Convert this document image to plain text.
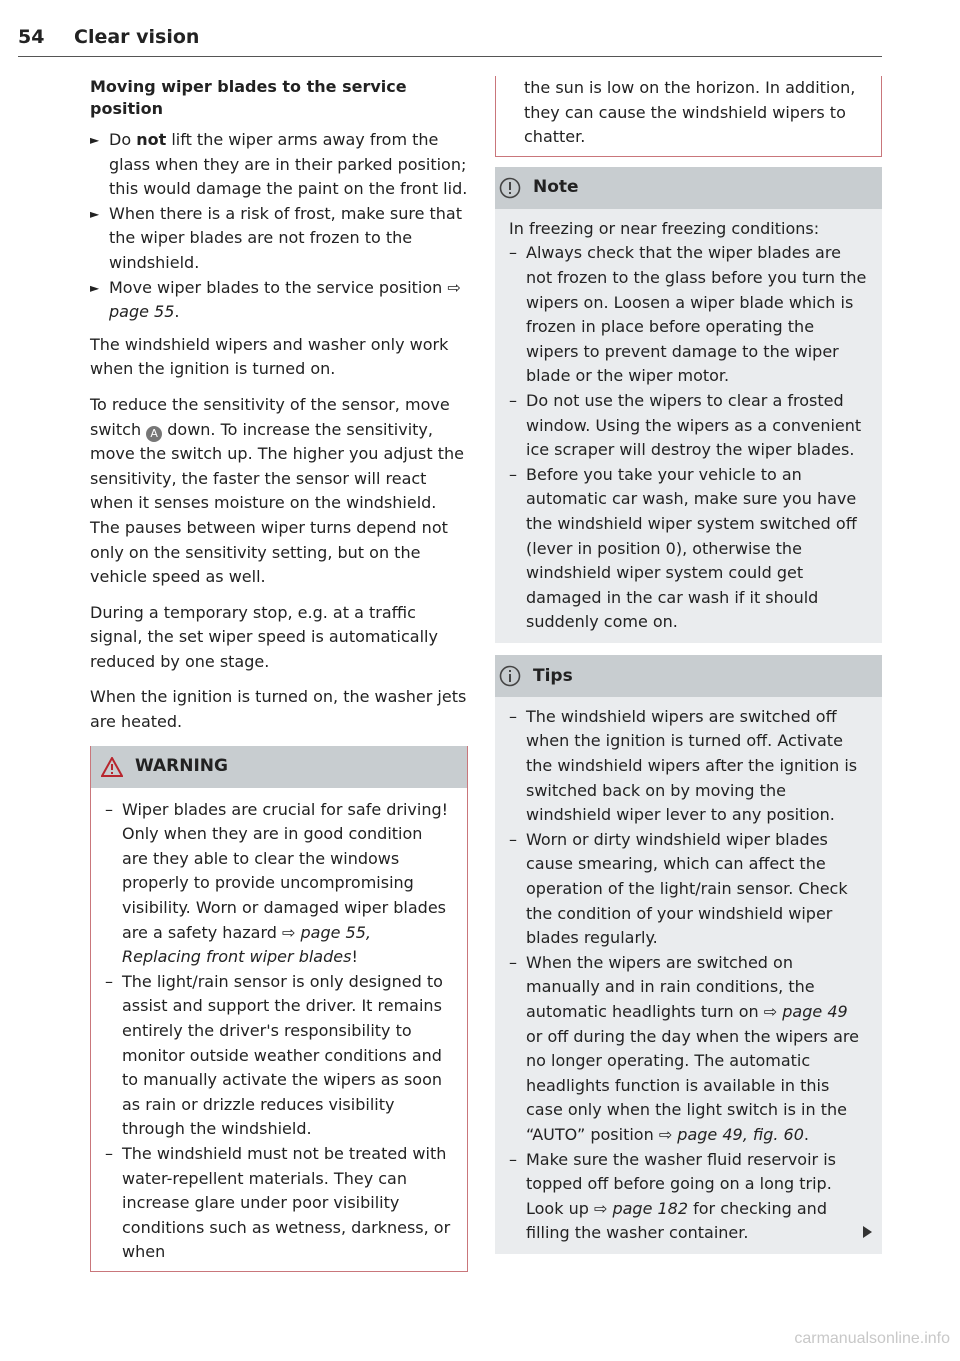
54 Clear vision
Moving wiper blades to the service position
► Do not lift the wiper arms away from the glass when they are in their parked position; this would damage the paint on the front lid.
► When there is a risk of frost, make sure that the wiper blades are not frozen to the windshield.
► Move wiper blades to the service position ⇨ page 55.

The windshield wipers and washer only work when the ignition is turned on.

To reduce the sensitivity of the sensor, move switch A down. To increase the sensitivity, move the switch up. The higher you adjust the sensitivity, the faster the sensor will react when it senses moisture on the windshield. The pauses between wiper turns depend not only on the sensitivity setting, but on the vehicle speed as well.

During a temporary stop, e.g. at a traffic signal, the set wiper speed is automatically reduced by one stage.

When the ignition is turned on, the washer jets are heated.

WARNING
– Wiper blades are crucial for safe driving! Only when they are in good condition are they able to clear the windows properly to provide uncompromising visibility. Worn or damaged wiper blades are a safety hazard ⇨ page 55, Replacing front wiper blades!
– The light/rain sensor is only designed to assist and support the driver. It remains entirely the driver's responsibility to monitor outside weather conditions and to manually activate the wipers as soon as rain or drizzle reduces visibility through the windshield.
– The windshield must not be treated with water-repellent materials. They can increase glare under poor visibility conditions such as wetness, darkness, or when
the sun is low on the horizon. In addition, they can cause the windshield wipers to chatter.
Note
In freezing or near freezing conditions:
– Always check that the wiper blades are not frozen to the glass before you turn the wipers on. Loosen a wiper blade which is frozen in place before operating the wipers to prevent damage to the wiper blade or the wiper motor.
– Do not use the wipers to clear a frosted window. Using the wipers as a convenient ice scraper will destroy the wiper blades.
– Before you take your vehicle to an automatic car wash, make sure you have the windshield wiper system switched off (lever in position 0), otherwise the windshield wiper system could get damaged in the car wash if it should suddenly come on.
Tips
– The windshield wipers are switched off when the ignition is turned off. Activate the windshield wipers after the ignition is switched back on by moving the windshield wiper lever to any position.
– Worn or dirty windshield wiper blades cause smearing, which can affect the operation of the light/rain sensor. Check the condition of your windshield wiper blades regularly.
– When the wipers are switched on manually and in rain conditions, the automatic headlights turn on ⇨ page 49 or off during the day when the wipers are no longer operating. The automatic headlights function is available in this case only when the light switch is in the “AUTO” position ⇨ page 49, fig. 60.
– Make sure the washer fluid reservoir is topped off before going on a long trip. Look up ⇨ page 182 for checking and filling the washer container.
carmanualsonline.info
